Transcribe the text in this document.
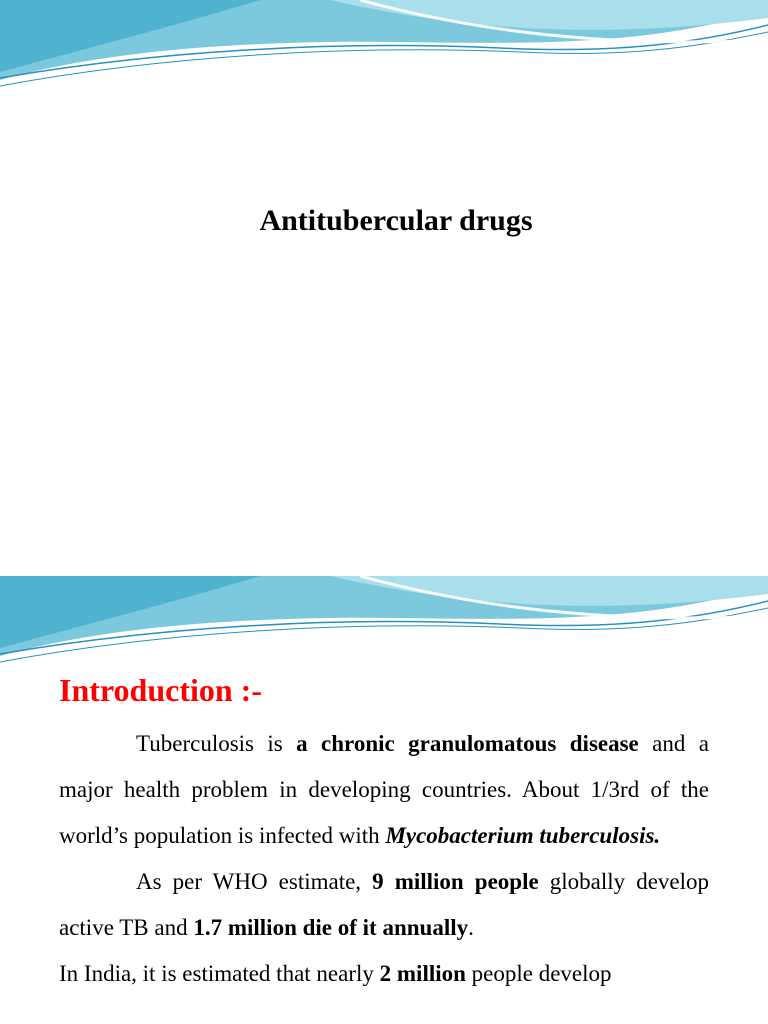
Antitubercular drugs
Introduction :-

Tuberculosis is a chronic granulomatous disease and a major health problem in developing countries. About 1/3rd of the world’s population is infected with Mycobacterium tuberculosis.

As per WHO estimate, 9 million people globally develop active TB and 1.7 million die of it annually.

In India, it is estimated that nearly 2 million people develop
